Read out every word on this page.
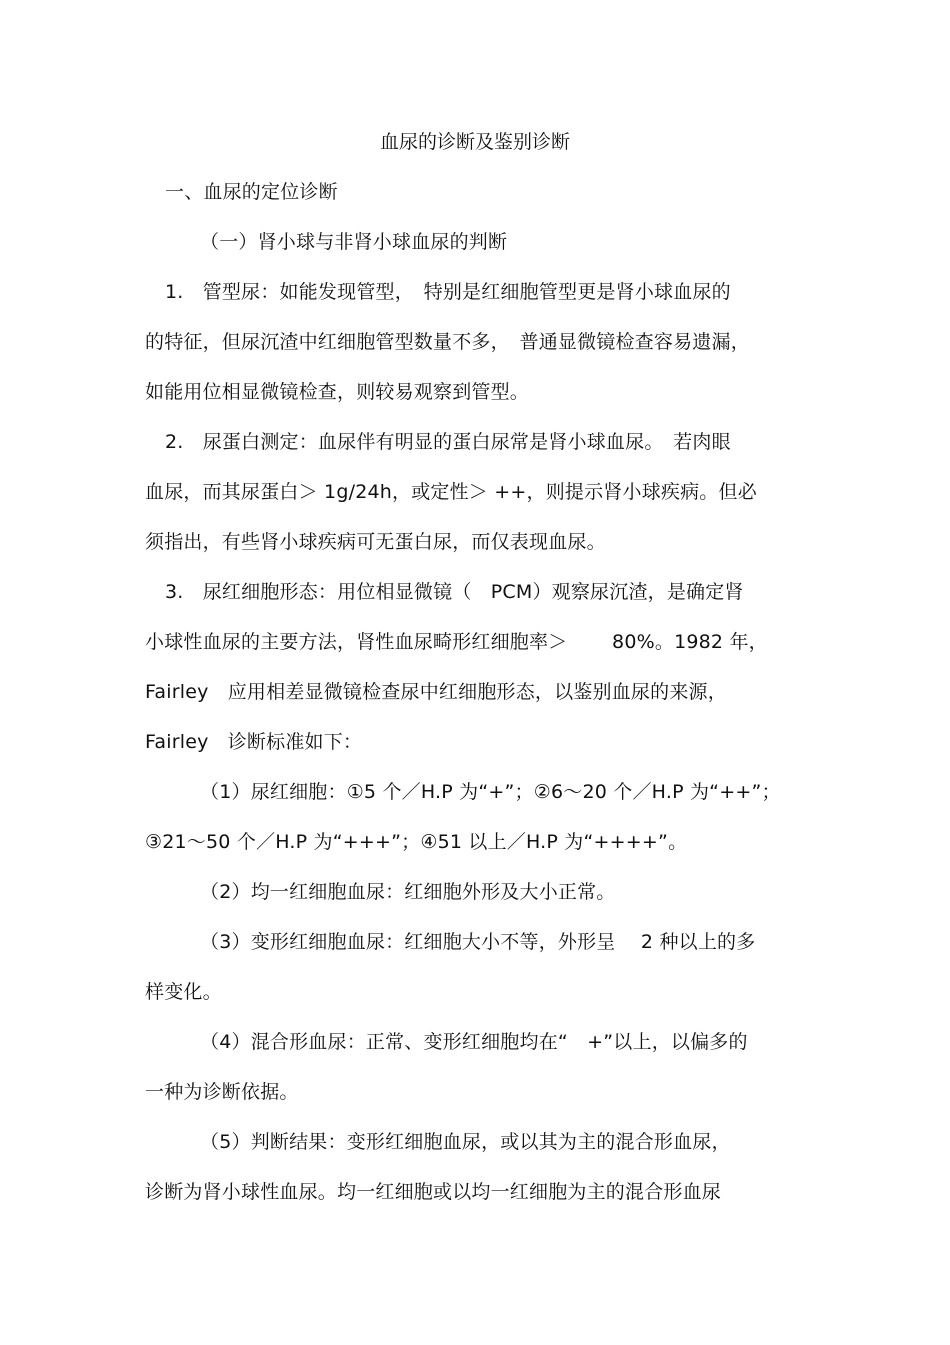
血尿的诊断及鉴别诊断
一、血尿的定位诊断
（一）肾小球与非肾小球血尿的判断
1.　管型尿：如能发现管型，　特别是红细胞管型更是肾小球血尿的
的特征，但尿沉渣中红细胞管型数量不多，　普通显微镜检查容易遗漏，
如能用位相显微镜检查，则较易观察到管型。
2.　尿蛋白测定：血尿伴有明显的蛋白尿常是肾小球血尿。　若肉眼
血尿，而其尿蛋白＞ 1g/24h，或定性＞ ++，则提示肾小球疾病。但必
须指出，有些肾小球疾病可无蛋白尿，而仅表现血尿。
3.　尿红细胞形态：用位相显微镜（　PCM）观察尿沉渣，是确定肾
小球性血尿的主要方法，肾性血尿畸形红细胞率＞　　 80%。1982 年，
Fairley　应用相差显微镜检查尿中红细胞形态，以鉴别血尿的来源，
Fairley　诊断标准如下：
（1）尿红细胞：①5 个／H.P 为“+”；②6～20 个／H.P 为“++”；
③21～50 个／H.P 为“+++”；④51 以上／H.P 为“++++”。
（2）均一红细胞血尿：红细胞外形及大小正常。
（3）变形红细胞血尿：红细胞大小不等，外形呈　 2 种以上的多
样变化。
（4）混合形血尿：正常、变形红细胞均在“　+”以上，以偏多的
一种为诊断依据。
（5）判断结果：变形红细胞血尿，或以其为主的混合形血尿，
诊断为肾小球性血尿。均一红细胞或以均一红细胞为主的混合形血尿
